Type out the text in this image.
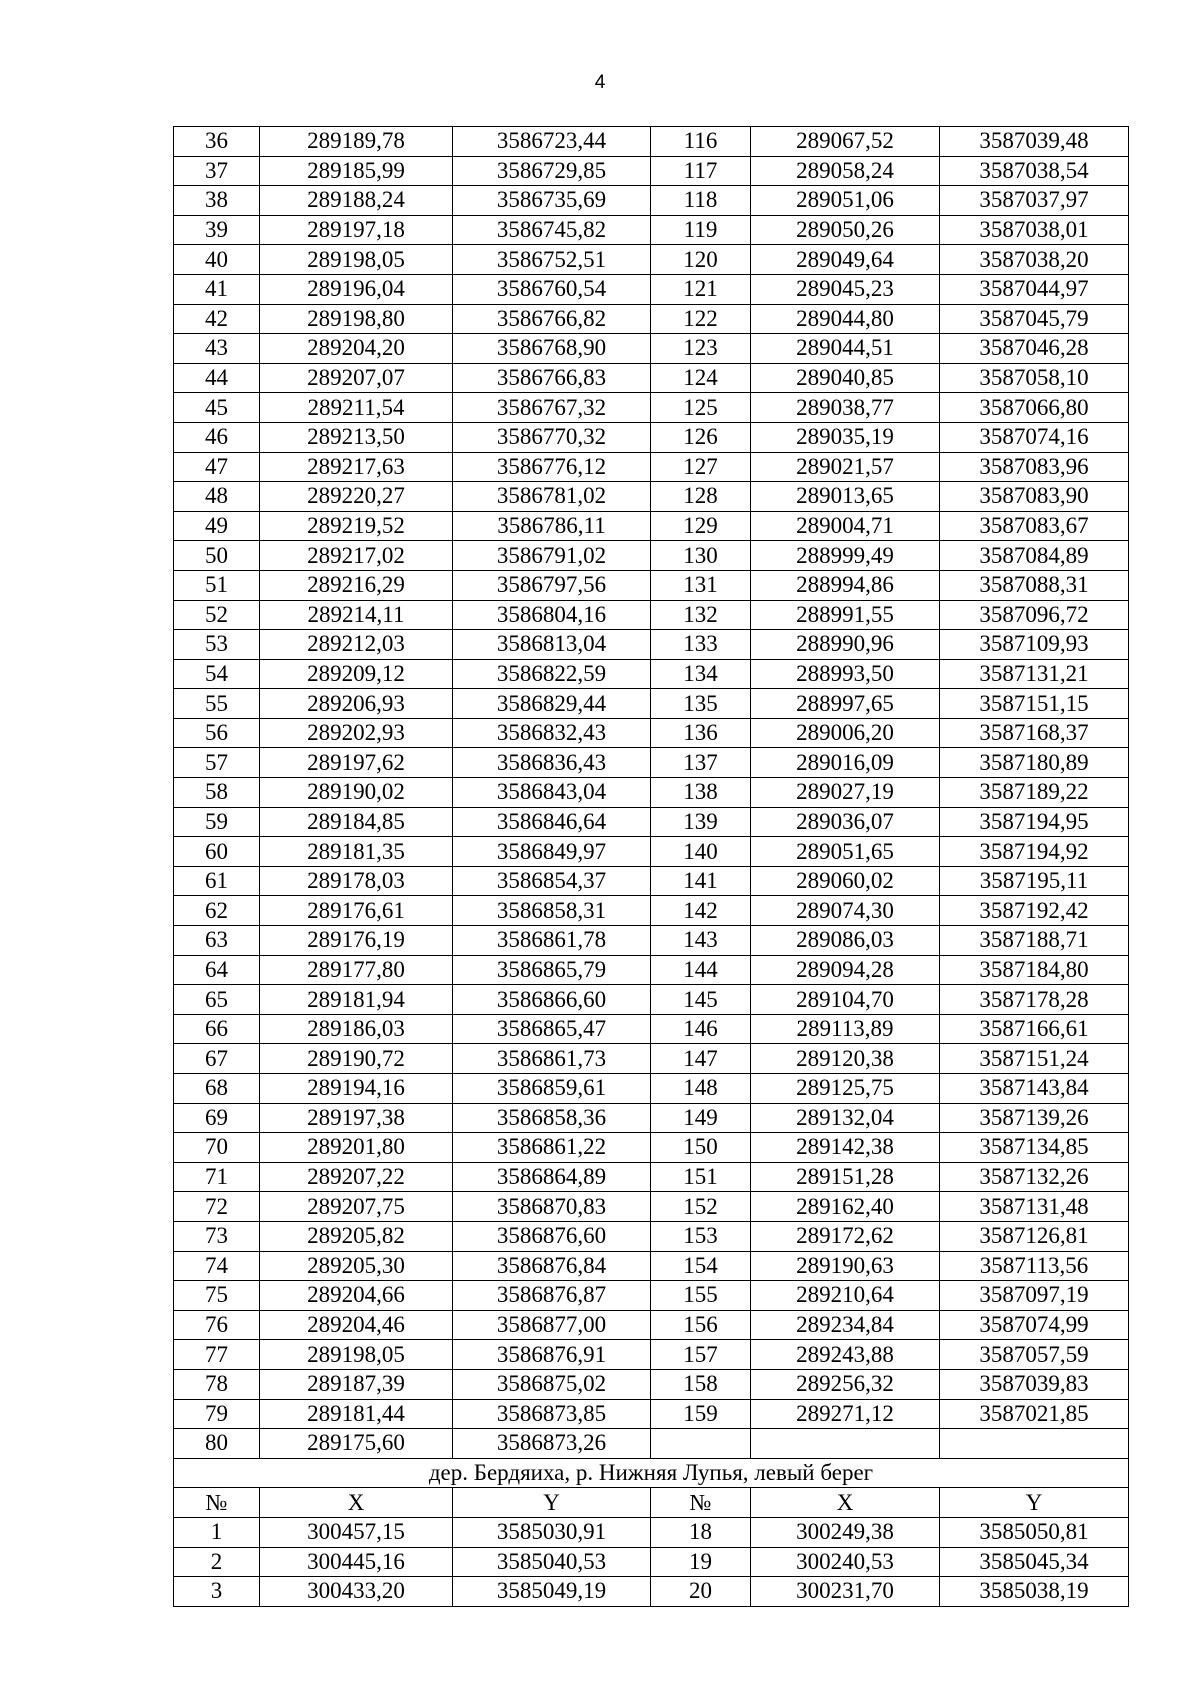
4
36	289189,78	3586723,44	116	289067,52	3587039,48
37	289185,99	3586729,85	117	289058,24	3587038,54
38	289188,24	3586735,69	118	289051,06	3587037,97
39	289197,18	3586745,82	119	289050,26	3587038,01
40	289198,05	3586752,51	120	289049,64	3587038,20
41	289196,04	3586760,54	121	289045,23	3587044,97
42	289198,80	3586766,82	122	289044,80	3587045,79
43	289204,20	3586768,90	123	289044,51	3587046,28
44	289207,07	3586766,83	124	289040,85	3587058,10
45	289211,54	3586767,32	125	289038,77	3587066,80
46	289213,50	3586770,32	126	289035,19	3587074,16
47	289217,63	3586776,12	127	289021,57	3587083,96
48	289220,27	3586781,02	128	289013,65	3587083,90
49	289219,52	3586786,11	129	289004,71	3587083,67
50	289217,02	3586791,02	130	288999,49	3587084,89
51	289216,29	3586797,56	131	288994,86	3587088,31
52	289214,11	3586804,16	132	288991,55	3587096,72
53	289212,03	3586813,04	133	288990,96	3587109,93
54	289209,12	3586822,59	134	288993,50	3587131,21
55	289206,93	3586829,44	135	288997,65	3587151,15
56	289202,93	3586832,43	136	289006,20	3587168,37
57	289197,62	3586836,43	137	289016,09	3587180,89
58	289190,02	3586843,04	138	289027,19	3587189,22
59	289184,85	3586846,64	139	289036,07	3587194,95
60	289181,35	3586849,97	140	289051,65	3587194,92
61	289178,03	3586854,37	141	289060,02	3587195,11
62	289176,61	3586858,31	142	289074,30	3587192,42
63	289176,19	3586861,78	143	289086,03	3587188,71
64	289177,80	3586865,79	144	289094,28	3587184,80
65	289181,94	3586866,60	145	289104,70	3587178,28
66	289186,03	3586865,47	146	289113,89	3587166,61
67	289190,72	3586861,73	147	289120,38	3587151,24
68	289194,16	3586859,61	148	289125,75	3587143,84
69	289197,38	3586858,36	149	289132,04	3587139,26
70	289201,80	3586861,22	150	289142,38	3587134,85
71	289207,22	3586864,89	151	289151,28	3587132,26
72	289207,75	3586870,83	152	289162,40	3587131,48
73	289205,82	3586876,60	153	289172,62	3587126,81
74	289205,30	3586876,84	154	289190,63	3587113,56
75	289204,66	3586876,87	155	289210,64	3587097,19
76	289204,46	3586877,00	156	289234,84	3587074,99
77	289198,05	3586876,91	157	289243,88	3587057,59
78	289187,39	3586875,02	158	289256,32	3587039,83
79	289181,44	3586873,85	159	289271,12	3587021,85
80	289175,60	3586873,26			
дер. Бердяиха, р. Нижняя Лупья, левый берег					
№	X	Y	№	X	Y
1	300457,15	3585030,91	18	300249,38	3585050,81
2	300445,16	3585040,53	19	300240,53	3585045,34
3	300433,20	3585049,19	20	300231,70	3585038,19
